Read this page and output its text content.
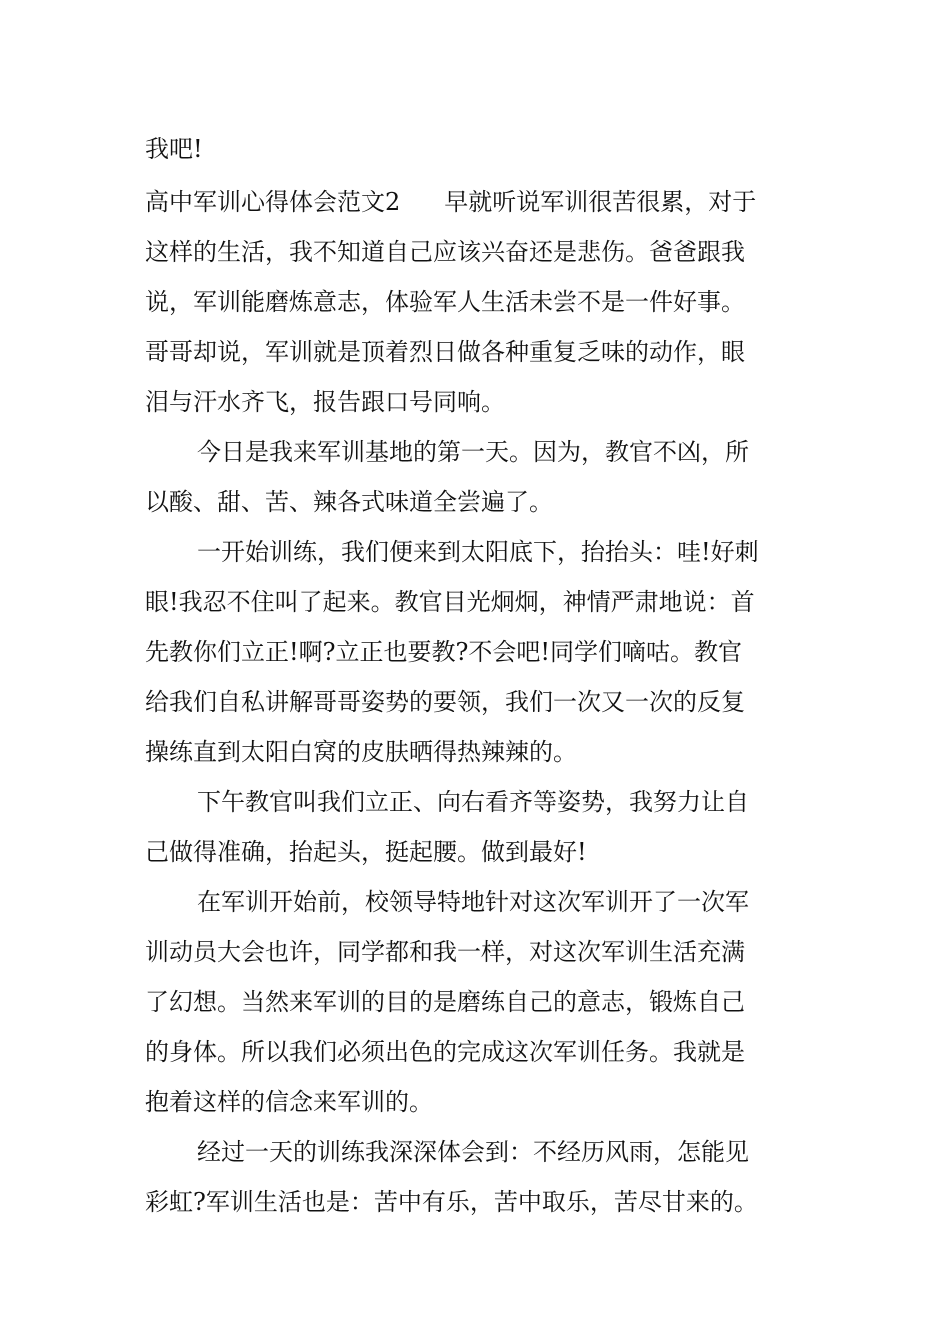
我吧!
高中军训心得体会范文2 早就听说军训很苦很累，对于
这样的生活，我不知道自己应该兴奋还是悲伤。爸爸跟我
说，军训能磨炼意志，体验军人生活未尝不是一件好事。
哥哥却说，军训就是顶着烈日做各种重复乏味的动作，眼
泪与汗水齐飞，报告跟口号同响。
今日是我来军训基地的第一天。因为，教官不凶，所
以酸、甜、苦、辣各式味道全尝遍了。
一开始训练，我们便来到太阳底下，抬抬头：哇!好刺
眼!我忍不住叫了起来。教官目光炯炯，神情严肃地说：首
先教你们立正!啊?立正也要教?不会吧!同学们嘀咕。教官
给我们自私讲解哥哥姿势的要领，我们一次又一次的反复
操练直到太阳白窝的皮肤晒得热辣辣的。
下午教官叫我们立正、向右看齐等姿势，我努力让自
己做得准确，抬起头，挺起腰。做到最好!
在军训开始前，校领导特地针对这次军训开了一次军
训动员大会也许，同学都和我一样，对这次军训生活充满
了幻想。当然来军训的目的是磨练自己的意志，锻炼自己
的身体。所以我们必须出色的完成这次军训任务。我就是
抱着这样的信念来军训的。
经过一天的训练我深深体会到：不经历风雨，怎能见
彩虹?军训生活也是：苦中有乐，苦中取乐，苦尽甘来的。
